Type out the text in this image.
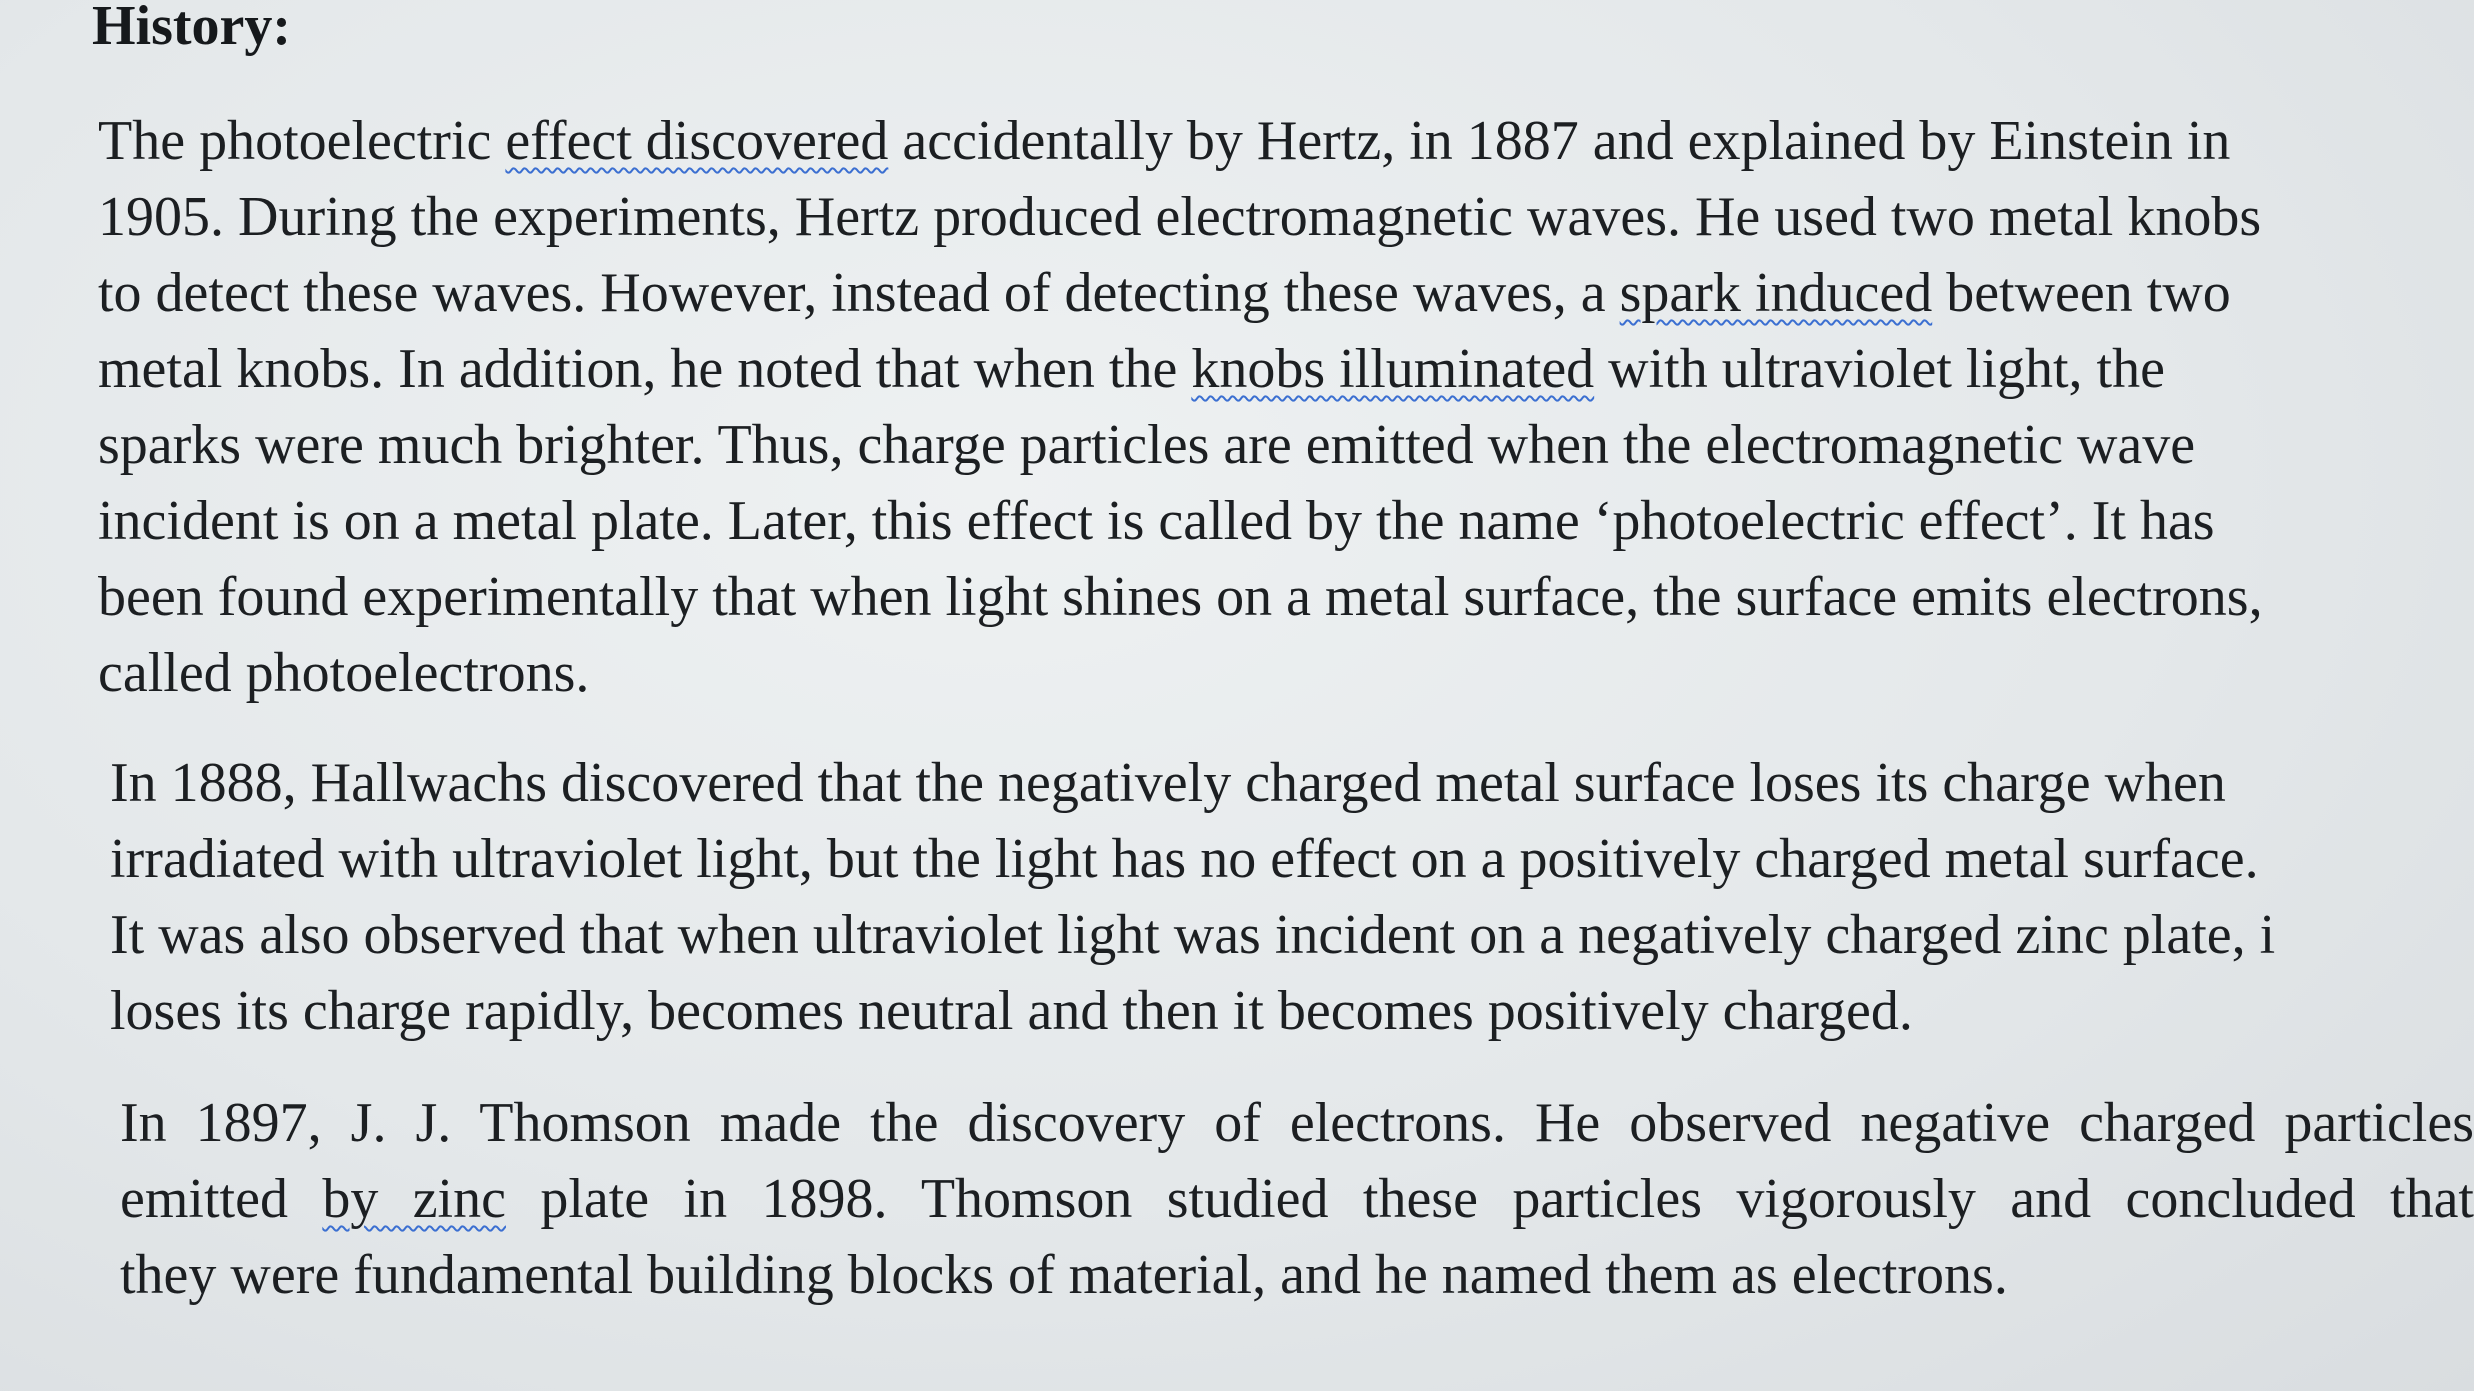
History:

The photoelectric effect discovered accidentally by Hertz, in 1887 and explained by Einstein in
1905. During the experiments, Hertz produced electromagnetic waves. He used two metal knobs
to detect these waves. However, instead of detecting these waves, a spark induced between two
metal knobs. In addition, he noted that when the knobs illuminated with ultraviolet light, the
sparks were much brighter. Thus, charge particles are emitted when the electromagnetic wave
incident is on a metal plate. Later, this effect is called by the name ‘photoelectric effect’. It has
been found experimentally that when light shines on a metal surface, the surface emits electrons,
called photoelectrons.

In 1888, Hallwachs discovered that the negatively charged metal surface loses its charge when
irradiated with ultraviolet light, but the light has no effect on a positively charged metal surface.
It was also observed that when ultraviolet light was incident on a negatively charged zinc plate, i
loses its charge rapidly, becomes neutral and then it becomes positively charged.

In 1897, J. J. Thomson made the discovery of electrons. He observed negative charged particles
emitted by zinc plate in 1898. Thomson studied these particles vigorously and concluded that
they were fundamental building blocks of material, and he named them as electrons.
